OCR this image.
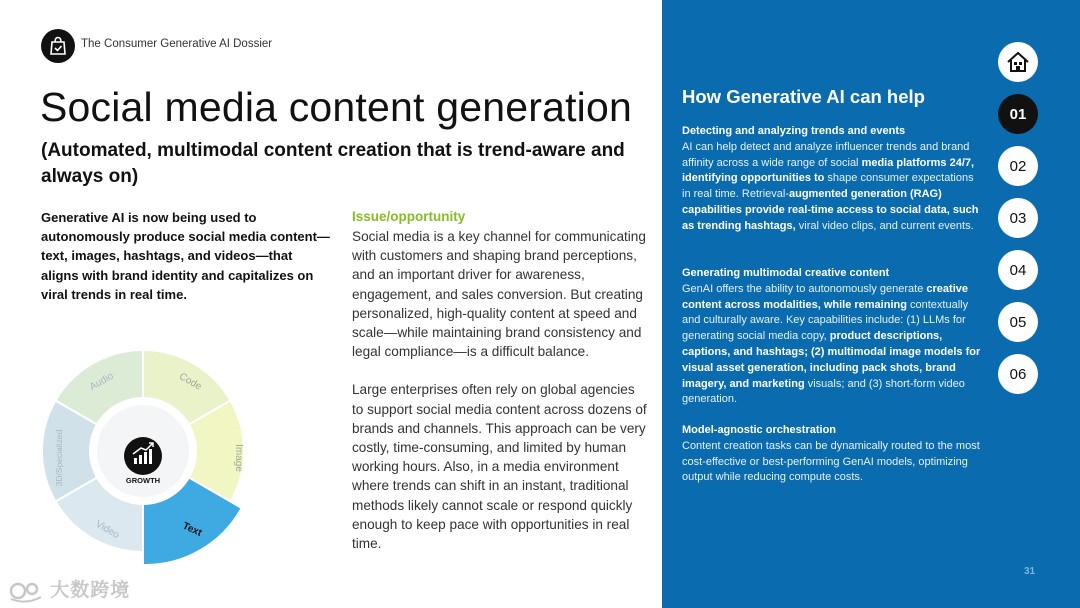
The Consumer Generative AI Dossier
Social media content generation
(Automated, multimodal content creation that is trend-aware and always on)
Generative AI is now being used to autonomously produce social media content—text, images, hashtags, and videos—that aligns with brand identity and capitalizes on viral trends in real time.
Issue/opportunity

Social media is a key channel for communicating with customers and shaping brand perceptions, and an important driver for awareness, engagement, and sales conversion. But creating personalized, high-quality content at speed and scale—while maintaining brand consistency and legal compliance—is a difficult balance.

Large enterprises often rely on global agencies to support social media content across dozens of brands and channels. This approach can be very costly, time-consuming, and limited by human working hours. Also, in a media environment where trends can shift in an instant, traditional methods likely cannot scale or respond quickly enough to keep pace with opportunities in real time.

Code
Image
Text
Video
3D/Specialized
Audio
GROWTH
大数跨境
How Generative AI can help
Detecting and analyzing trends and events
AI can help detect and analyze influencer trends and brand affinity across a wide range of social media platforms 24/7, identifying opportunities to shape consumer expectations in real time. Retrieval-augmented generation (RAG) capabilities provide real-time access to social data, such as trending hashtags, viral video clips, and current events.
Generating multimodal creative content
GenAI offers the ability to autonomously generate creative content across modalities, while remaining contextually and culturally aware. Key capabilities include: (1) LLMs for generating social media copy, product descriptions, captions, and hashtags; (2) multimodal image models for visual asset generation, including pack shots, brand imagery, and marketing visuals; and (3) short-form video generation.
Model-agnostic orchestration
Content creation tasks can be dynamically routed to the most cost-effective or best-performing GenAI models, optimizing output while reducing compute costs.
01
02
03
04
05
06
31
